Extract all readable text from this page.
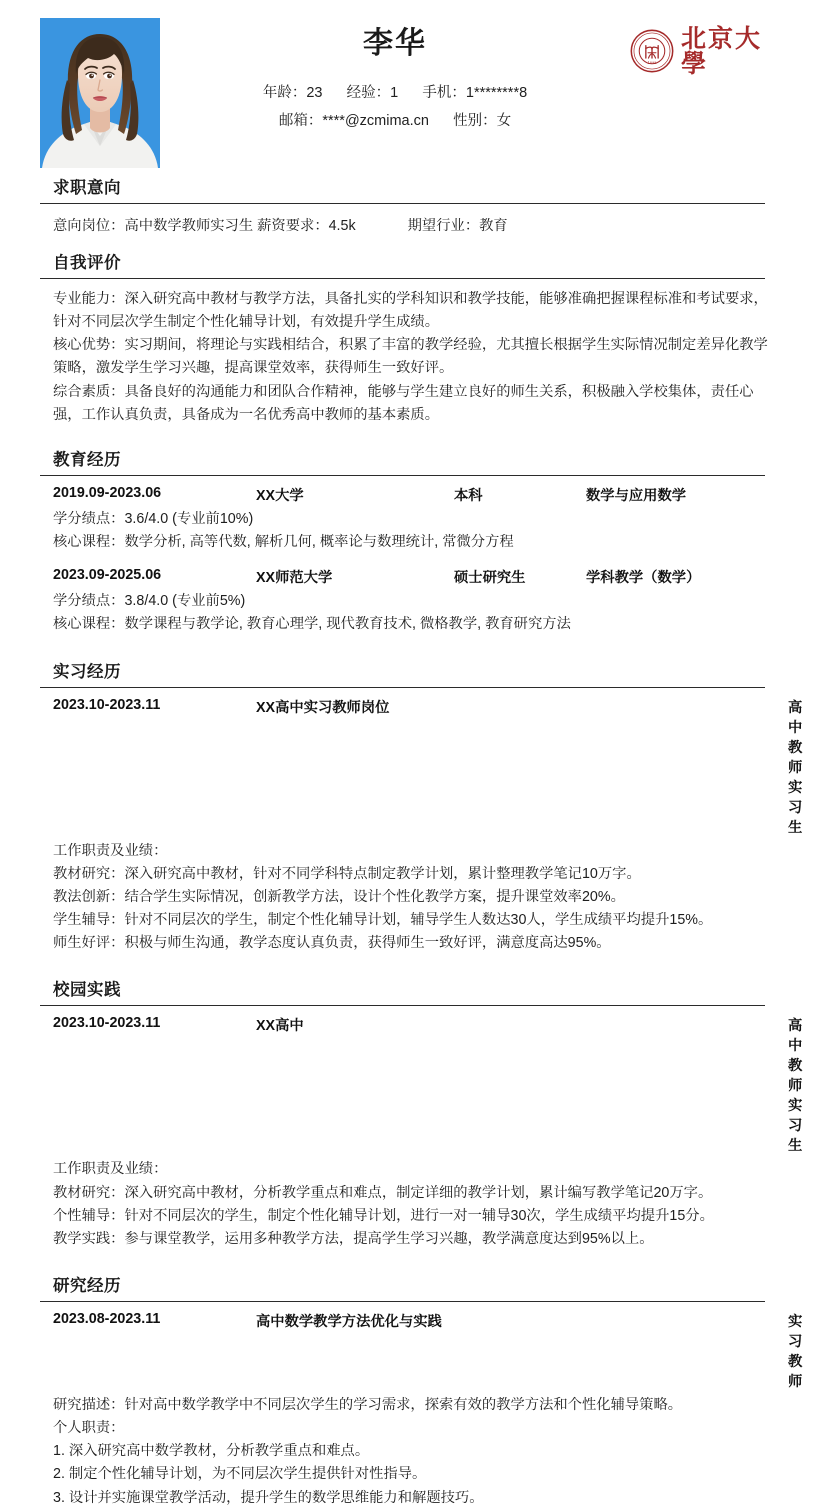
李华
年龄：23      经验：1      手机：1********8
邮箱：****@zcmima.cn      性别：女
1898
北京大學
求职意向
意向岗位：高中数学教师实习生 薪资要求：4.5k	期望行业：教育
自我评价

专业能力：深入研究高中教材与教学方法，具备扎实的学科知识和教学技能，能够准确把握课程标准和考试要求，针对不同层次学生制定个性化辅导计划，有效提升学生成绩。

核心优势：实习期间，将理论与实践相结合，积累了丰富的教学经验，尤其擅长根据学生实际情况制定差异化教学策略，激发学生学习兴趣，提高课堂效率，获得师生一致好评。

综合素质：具备良好的沟通能力和团队合作精神，能够与学生建立良好的师生关系，积极融入学校集体，责任心强，工作认真负责，具备成为一名优秀高中教师的基本素质。

教育经历
2019.09-2023.06	XX大学	本科	数学与应用数学
学分绩点：3.6/4.0 (专业前10%)
核心课程：数学分析, 高等代数, 解析几何, 概率论与数理统计, 常微分方程
2023.09-2025.06	XX师范大学	硕士研究生	学科教学（数学）
学分绩点：3.8/4.0 (专业前5%)
核心课程：数学课程与教学论, 教育心理学, 现代教育技术, 微格教学, 教育研究方法
实习经历
2023.10-2023.11	XX高中实习教师岗位	高中教师实习生
工作职责及业绩：
教材研究：深入研究高中教材，针对不同学科特点制定教学计划，累计整理教学笔记10万字。
教法创新：结合学生实际情况，创新教学方法，设计个性化教学方案，提升课堂效率20%。
学生辅导：针对不同层次的学生，制定个性化辅导计划，辅导学生人数达30人，学生成绩平均提升15%。
师生好评：积极与师生沟通，教学态度认真负责，获得师生一致好评，满意度高达95%。
校园实践
2023.10-2023.11	XX高中	高中教师实习生
工作职责及业绩：
教材研究：深入研究高中教材，分析教学重点和难点，制定详细的教学计划，累计编写教学笔记20万字。
个性辅导：针对不同层次的学生，制定个性化辅导计划，进行一对一辅导30次，学生成绩平均提升15分。
教学实践：参与课堂教学，运用多种教学方法，提高学生学习兴趣，教学满意度达到95%以上。
研究经历
2023.08-2023.11	高中数学教学方法优化与实践	实习教师
研究描述：针对高中数学教学中不同层次学生的学习需求，探索有效的教学方法和个性化辅导策略。
个人职责：
1. 深入研究高中数学教材，分析教学重点和难点。
2. 制定个性化辅导计划，为不同层次学生提供针对性指导。
3. 设计并实施课堂教学活动，提升学生的数学思维能力和解题技巧。
